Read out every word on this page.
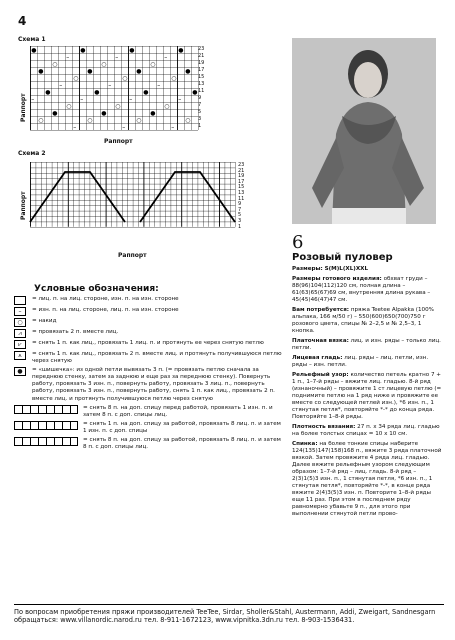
4
Схема 1
●	●	●	●
–	–	–
○	○	○
●	●	●	●
○	○	○
–	–	–
●	●	●	●
–	–	–	–
○	○	○
●	●	●
○	○	○	○
–	–	–
23
21
19
17
15
13
11
9
7
5
3
1
Раппорт
Раппорт
Схема 2
23
21
19
17
15
13
11
9
7
5
3
1
Раппорт
Раппорт
Условные обозначения:
= лиц. п. на лиц. стороне, изн. п. на изн. стороне
–	= изн. п. на лиц. стороне, лиц. п. на изн. стороне
○	= накид
⩘	= провязать 2 п. вместе лиц.
⩗	= снять 1 п. как лиц., провязать 1 лиц. п. и протянуть ее через снятую петлю
⩚	= снять 1 п. как лиц., провязать 2 п. вместе лиц. и протянуть получившуюся петлю через снятую
●	= «шишечка»: из одной петли вывязать 3 п. (= провязать петлю сначала за переднюю стенку, затем за заднюю и еще раз за переднюю стенку). Повернуть работу, провязать 3 изн. п., повернуть работу, провязать 3 лиц. п., повернуть работу, провязать 3 изн. п., повернуть работу, снять 1 п. как лиц., провязать 2 п. вместе лиц. и протянуть получившуюся петлю через снятую
= снять 8 п. на доп. спицу перед работой, провязать 1 изн. п. и затем 8 п. с доп. спицы лиц.
= снять 1 п. на доп. спицу за работой, провязать 8 лиц. п. и затем 1 изн. п. с доп. спицы
= снять 8 п. на доп. спицу за работой, провязать 8 лиц. п. и затем 8 п. с доп. спицы лиц.
6
Розовый пуловер

Размеры: S(M)L(XL)XXL

Размеры готового изделия: обхват груди – 88(96)104(112)120 см, полная длина – 61(63)65(67)69 см, внутренняя длина рукава – 45(45)46(47)47 см.

Вам потребуется: пряжа Teetee Alpakka (100% альпака, 166 м/50 г) – 550(600)650(700)750 г розового цвета, спицы № 2–2,5 и № 2,5–3, 1 кнопка.

Платочная вязка: лиц. и изн. ряды – только лиц. петли.

Лицевая гладь: лиц. ряды – лиц. петли, изн. ряды – изн. петли.

Рельефный узор: количество петель кратно 7 + 1 п., 1–7-й ряды – вяжите лиц. гладью. 8-й ряд (изнаночный) – провяжите 1 ст лицевую петлю (= поднимите петлю на 1 ряд ниже и провяжите ее вместе со следующей петлей изн.), *6 изн. п., 1 стянутая петля*, повторяйте *-* до конца ряда. Повторяйте 1–8-й ряды.

Плотность вязания: 27 п. x 34 ряда лиц. гладью на более толстых спицах = 10 x 10 см.

Спинка: на более тонкие спицы наберите 124(135)147(158)168 п., вяжите 3 ряда платочной вязкой. Затем провяжите 4 ряда лиц. гладью. Далее вяжите рельефным узором следующим образом: 1–7-й ряд – лиц. гладь. 8-й ряд – 2(3)1(5)3 изн. п., 1 стянутая петля, *6 изн. п., 1 стянутая петля*, повторяйте *-*, в конце ряда вяжите 2(4)3(5)3 изн. п. Повторите 1–8-й ряды еще 11 раз. При этом в последнем ряду равномерно убавьте 9 п., для этого при выполнении стянутой петли прово-

По вопросам приобретения пряжи производителей TeeTee, Sirdar, Sholler&Stahl, Austermann, Addi, Zweigart, Sandnesgarn обращаться: www.villanordic.narod.ru тел. 8-911-1672123, www.vipnitka.3dn.ru тел. 8-903-1536431.
